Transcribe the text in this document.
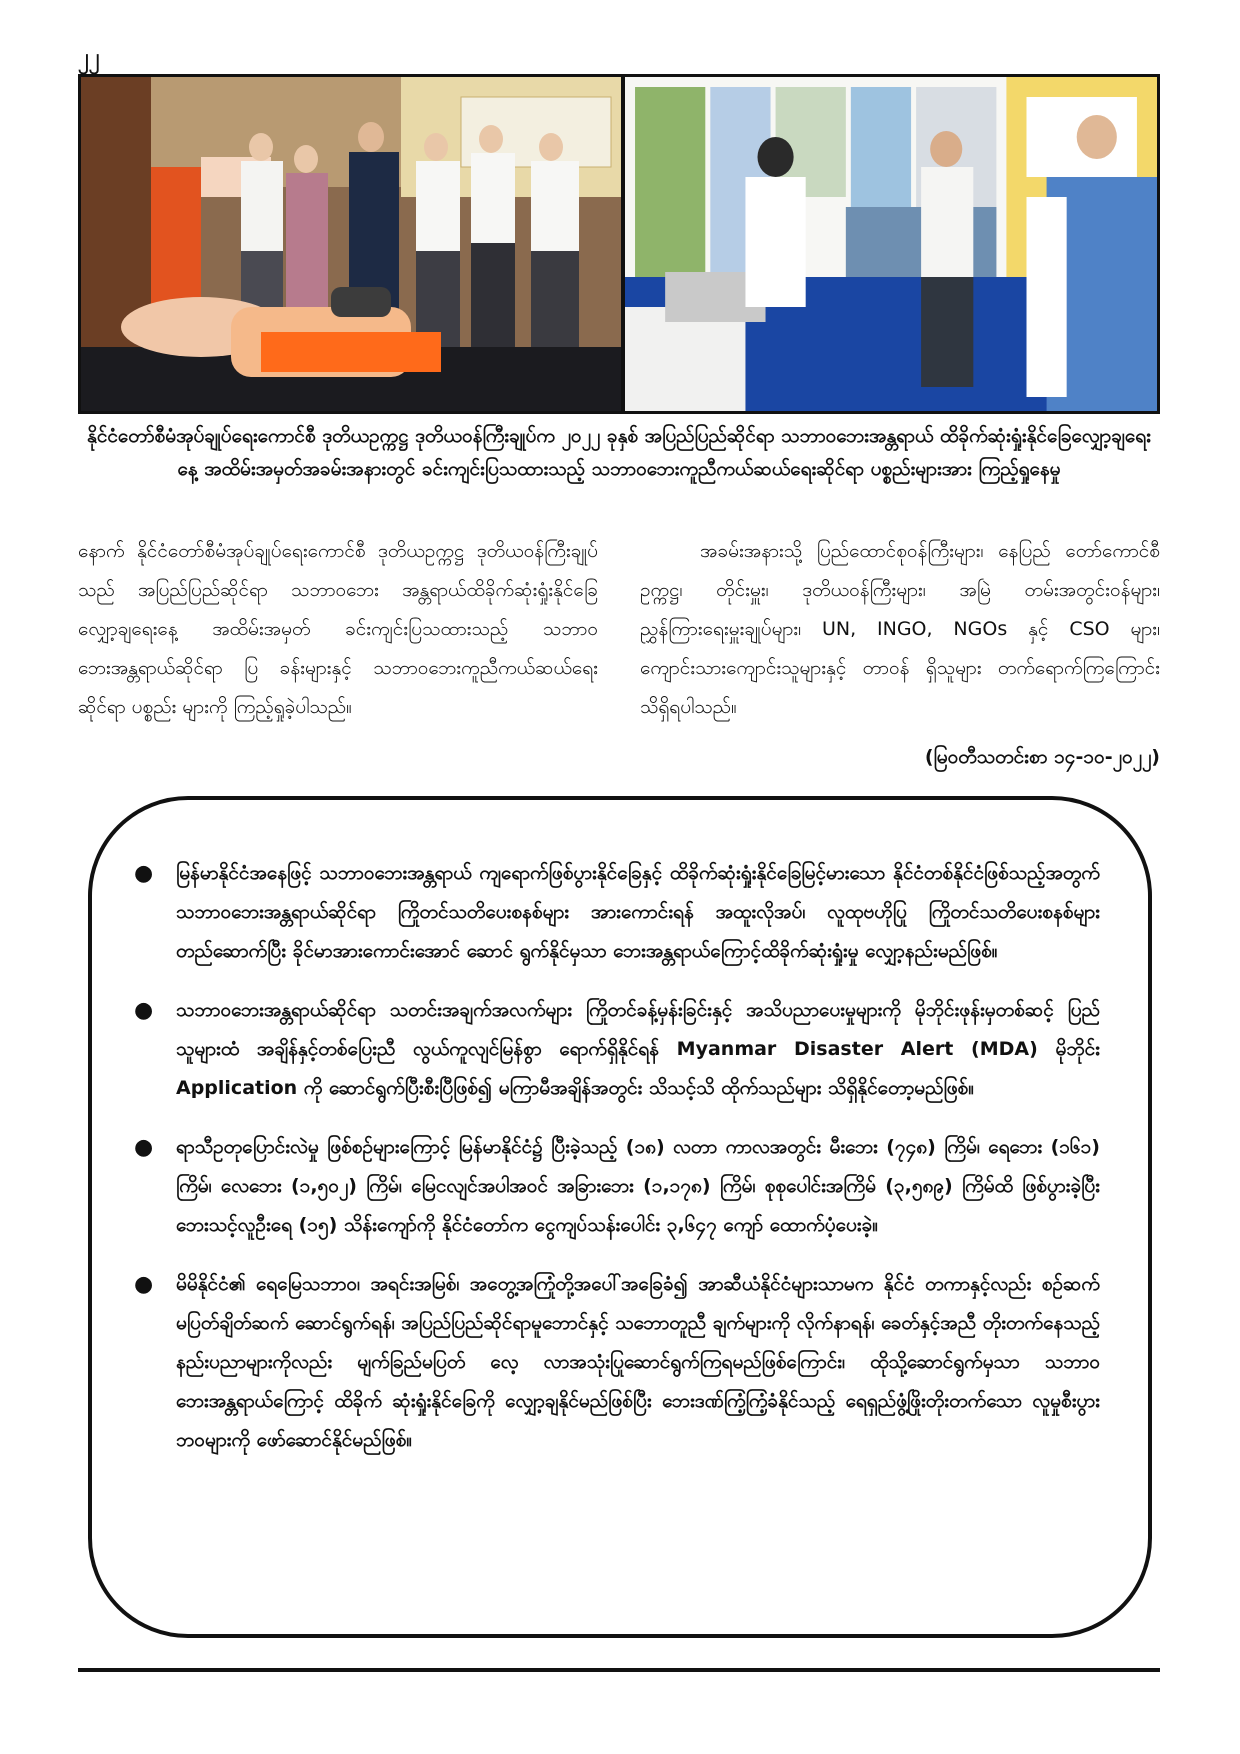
၂၂
နိုင်ငံတော်စီမံအုပ်ချုပ်ရေးကောင်စီ ဒုတိယဥက္ကဋ္ဌ ဒုတိယဝန်ကြီးချုပ်က ၂၀၂၂ ခုနှစ် အပြည်ပြည်ဆိုင်ရာ သဘာဝဘေးအန္တရာယ် ထိခိုက်ဆုံးရှုံးနိုင်ခြေလျှော့ချရေးနေ့ အထိမ်းအမှတ်အခမ်းအနားတွင် ခင်းကျင်းပြသထားသည့် သဘာဝဘေးကူညီကယ်ဆယ်ရေးဆိုင်ရာ ပစ္စည်းများအား ကြည့်ရှုနေမှု
နောက် နိုင်ငံတော်စီမံအုပ်ချုပ်ရေးကောင်စီ ဒုတိယဥက္ကဋ္ဌ ဒုတိယဝန်ကြီးချုပ်သည် အပြည်ပြည်ဆိုင်ရာ သဘာဝဘေး အန္တရာယ်ထိခိုက်ဆုံးရှုံးနိုင်ခြေလျှော့ချရေးနေ့ အထိမ်းအမှတ် ခင်းကျင်းပြသထားသည့် သဘာဝဘေးအန္တရာယ်ဆိုင်ရာ ပြ ခန်းများနှင့် သဘာဝဘေးကူညီကယ်ဆယ်ရေးဆိုင်ရာ ပစ္စည်း များကို ကြည့်ရှုခဲ့ပါသည်။
အခမ်းအနားသို့ ပြည်ထောင်စုဝန်ကြီးများ၊ နေပြည် တော်ကောင်စီဥက္ကဋ္ဌ၊ တိုင်းမှူး၊ ဒုတိယဝန်ကြီးများ၊ အမြဲ တမ်းအတွင်းဝန်များ၊ ညွှန်ကြားရေးမှူးချုပ်များ၊ UN, INGO, NGOs နှင့် CSO များ၊ ကျောင်းသားကျောင်းသူများနှင့် တာဝန် ရှိသူများ တက်ရောက်ကြကြောင်း သိရှိရပါသည်။
(မြဝတီသတင်းစာ ၁၄-၁၀-၂၀၂၂)
● မြန်မာနိုင်ငံအနေဖြင့် သဘာဝဘေးအန္တရာယ် ကျရောက်ဖြစ်ပွားနိုင်ခြေနှင့် ထိခိုက်ဆုံးရှုံးနိုင်ခြေမြင့်မားသော နိုင်ငံတစ်နိုင်ငံဖြစ်သည့်အတွက် သဘာဝဘေးအန္တရာယ်ဆိုင်ရာ ကြိုတင်သတိပေးစနစ်များ အားကောင်းရန် အထူးလိုအပ်၊ လူထုဗဟိုပြု ကြိုတင်သတိပေးစနစ်များ တည်ဆောက်ပြီး ခိုင်မာအားကောင်းအောင် ဆောင် ရွက်နိုင်မှသာ ဘေးအန္တရာယ်ကြောင့်ထိခိုက်ဆုံးရှုံးမှု လျှော့နည်းမည်ဖြစ်။
● သဘာဝဘေးအန္တရာယ်ဆိုင်ရာ သတင်းအချက်အလက်များ ကြိုတင်ခန့်မှန်းခြင်းနှင့် အသိပညာပေးမှုများကို မိုဘိုင်းဖုန်းမှတစ်ဆင့် ပြည်သူများထံ အချိန်နှင့်တစ်ပြေးညီ လွယ်ကူလျင်မြန်စွာ ရောက်ရှိနိုင်ရန် Myanmar Disaster Alert (MDA) မိုဘိုင်း Application ကို ဆောင်ရွက်ပြီးစီးပြီဖြစ်၍ မကြာမီအချိန်အတွင်း သိသင့်သိ ထိုက်သည်များ သိရှိနိုင်တော့မည်ဖြစ်။
● ရာသီဥတုပြောင်းလဲမှု ဖြစ်စဉ်များကြောင့် မြန်မာနိုင်ငံ၌ ပြီးခဲ့သည့် (၁၈) လတာ ကာလအတွင်း မီးဘေး (၇၄၈) ကြိမ်၊ ရေဘေး (၁၆၁) ကြိမ်၊ လေဘေး (၁,၅၀၂) ကြိမ်၊ မြေငလျင်အပါအဝင် အခြားဘေး (၁,၁၇၈) ကြိမ်၊ စုစုပေါင်းအကြိမ် (၃,၅၈၉) ကြိမ်ထိ ဖြစ်ပွားခဲ့ပြီး ဘေးသင့်လူဦးရေ (၁၅) သိန်းကျော်ကို နိုင်ငံတော်က ငွေကျပ်သန်းပေါင်း ၃,၆၄၇ ကျော် ထောက်ပံ့ပေးခဲ့။
● မိမိနိုင်ငံ၏ ရေမြေသဘာဝ၊ အရင်းအမြစ်၊ အတွေ့အကြုံတို့အပေါ်အခြေခံ၍ အာဆီယံနိုင်ငံများသာမက နိုင်ငံ တကာနှင့်လည်း စဉ်ဆက်မပြတ်ချိတ်ဆက် ဆောင်ရွက်ရန်၊ အပြည်ပြည်ဆိုင်ရာမူဘောင်နှင့် သဘောတူညီ ချက်များကို လိုက်နာရန်၊ ခေတ်နှင့်အညီ တိုးတက်နေသည့် နည်းပညာများကိုလည်း မျက်ခြည်မပြတ် လေ့ လာအသုံးပြုဆောင်ရွက်ကြရမည်ဖြစ်ကြောင်း၊ ထိုသို့ဆောင်ရွက်မှသာ သဘာဝဘေးအန္တရာယ်ကြောင့် ထိခိုက် ဆုံးရှုံးနိုင်ခြေကို လျှော့ချနိုင်မည်ဖြစ်ပြီး ဘေးဒဏ်ကြံ့ကြံ့ခံနိုင်သည့် ရေရှည်ဖွံ့ဖြိုးတိုးတက်သော လူမှုစီးပွား ဘဝများကို ဖော်ဆောင်နိုင်မည်ဖြစ်။
